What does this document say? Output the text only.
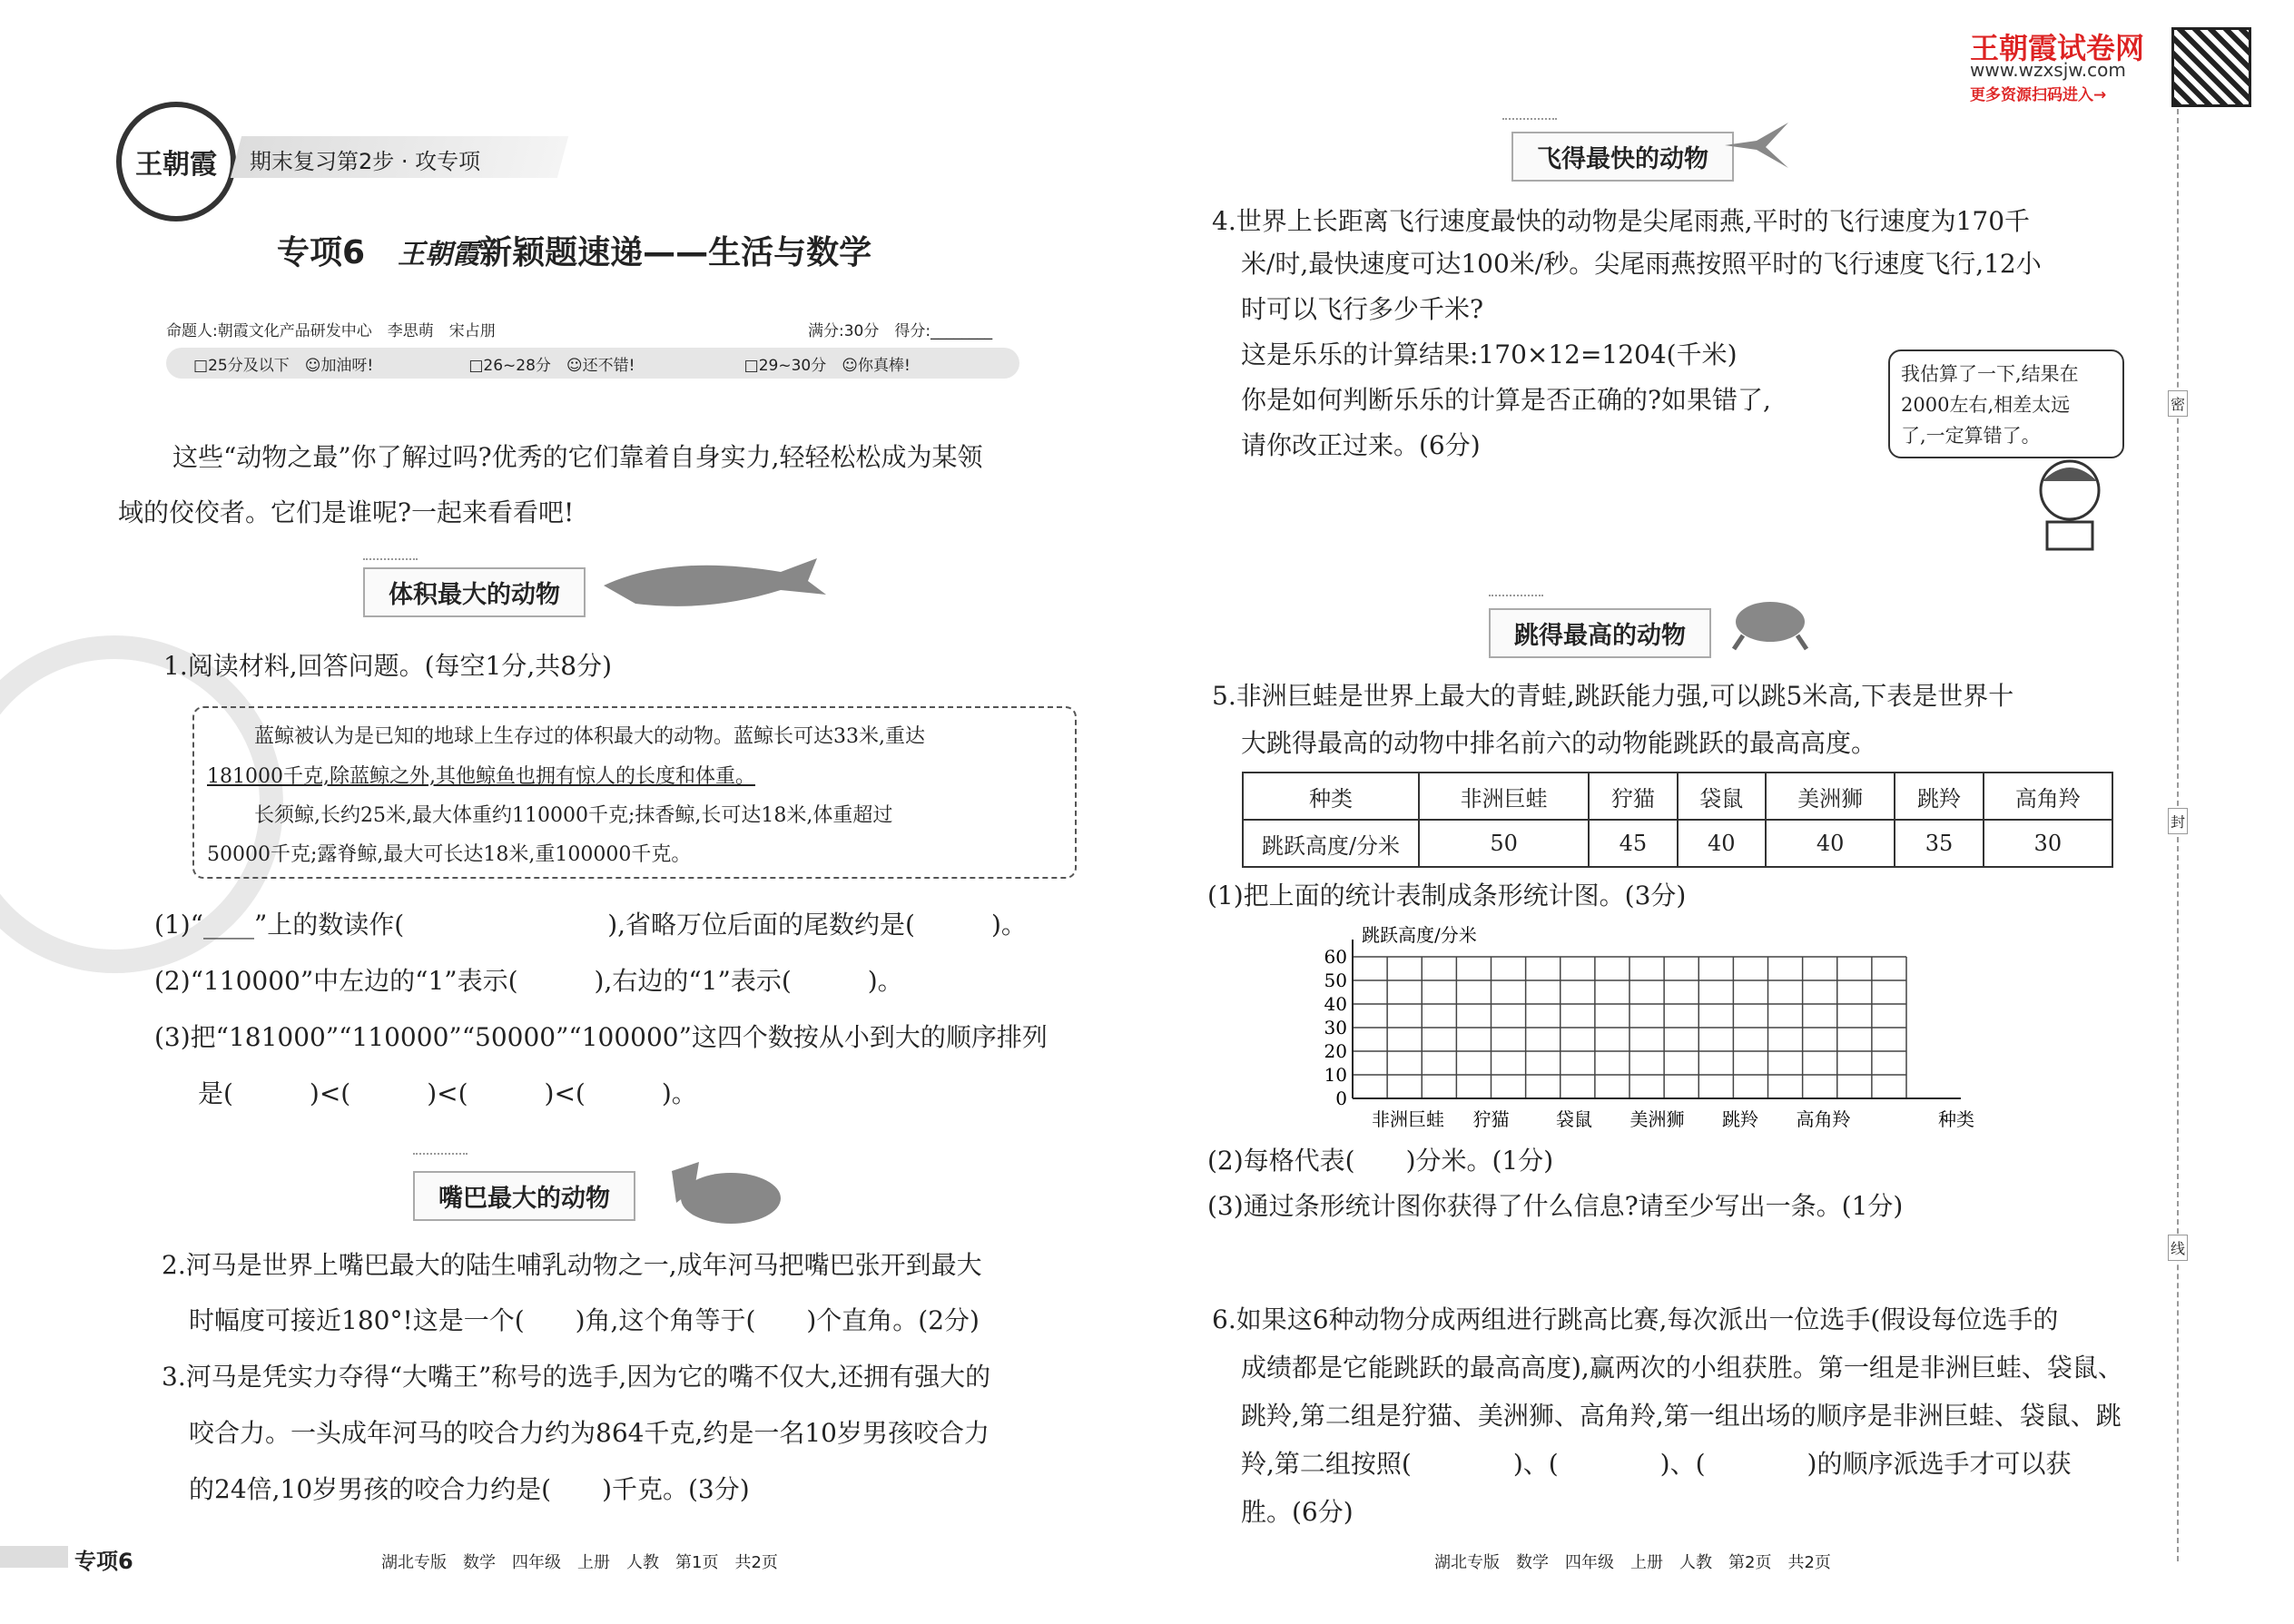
王朝霞 期末复习第2步 · 攻专项
专项6　 王朝霞新颖题速递——生活与数学
命题人:朝霞文化产品研发中心　李思萌　宋占朋	满分:30分　得分:________
□25分及以下　☺加油呀!	□26~28分　☺还不错!	□29~30分　☺你真棒!
这些“动物之最”你了解过吗?优秀的它们靠着自身实力,轻轻松松成为某领
域的佼佼者。它们是谁呢?一起来看看吧!
体积最大的动物
1.阅读材料,回答问题。(每空1分,共8分)
蓝鲸被认为是已知的地球上生存过的体积最大的动物。蓝鲸长可达33米,重达
181000千克,除蓝鲸之外,其他鲸鱼也拥有惊人的长度和体重。
长须鲸,长约25米,最大体重约110000千克;抹香鲸,长可达18米,体重超过
50000千克;露脊鲸,最大可长达18米,重100000千克。
(1)“____”上的数读作(　　　　　　　　),省略万位后面的尾数约是(　　　)。
(2)“110000”中左边的“1”表示(　　　),右边的“1”表示(　　　)。
(3)把“181000”“110000”“50000”“100000”这四个数按从小到大的顺序排列
是(　　　)<(　　　)<(　　　)<(　　　)。
嘴巴最大的动物
2.河马是世界上嘴巴最大的陆生哺乳动物之一,成年河马把嘴巴张开到最大
时幅度可接近180°!这是一个(　　)角,这个角等于(　　)个直角。(2分)
3.河马是凭实力夺得“大嘴王”称号的选手,因为它的嘴不仅大,还拥有强大的
咬合力。一头成年河马的咬合力约为864千克,约是一名10岁男孩咬合力
的24倍,10岁男孩的咬合力约是(　　)千克。(3分)
专项6	湖北专版　数学　四年级　上册　人教　第1页　共2页
王朝霞试卷网
www.wzxsjw.com
更多资源扫码进入→
密
封
线
飞得最快的动物
4.世界上长距离飞行速度最快的动物是尖尾雨燕,平时的飞行速度为170千
米/时,最快速度可达100米/秒。尖尾雨燕按照平时的飞行速度飞行,12小
时可以飞行多少千米?
这是乐乐的计算结果:170×12=1204(千米)
你是如何判断乐乐的计算是否正确的?如果错了,
请你改正过来。(6分)
我估算了一下,结果在
2000左右,相差太远
了,一定算错了。
跳得最高的动物
5.非洲巨蛙是世界上最大的青蛙,跳跃能力强,可以跳5米高,下表是世界十
大跳得最高的动物中排名前六的动物能跳跃的最高高度。
种类	非洲巨蛙	狞猫	袋鼠	美洲狮	跳羚	高角羚
跳跃高度/分米	50	45	40	40	35	30
(1)把上面的统计表制成条形统计图。(3分)
跳跃高度/分米
60
50
40
30
20
10
0
非洲巨蛙 狞猫	袋鼠 美洲狮 跳羚 高角羚	种类
(2)每格代表(　　)分米。(1分)
(3)通过条形统计图你获得了什么信息?请至少写出一条。(1分)
6.如果这6种动物分成两组进行跳高比赛,每次派出一位选手(假设每位选手的
成绩都是它能跳跃的最高高度),赢两次的小组获胜。第一组是非洲巨蛙、袋鼠、
跳羚,第二组是狞猫、美洲狮、高角羚,第一组出场的顺序是非洲巨蛙、袋鼠、跳
羚,第二组按照(　　　　)、(　　　　)、(　　　　)的顺序派选手才可以获
胜。(6分)
湖北专版　数学　四年级　上册　人教　第2页　共2页
